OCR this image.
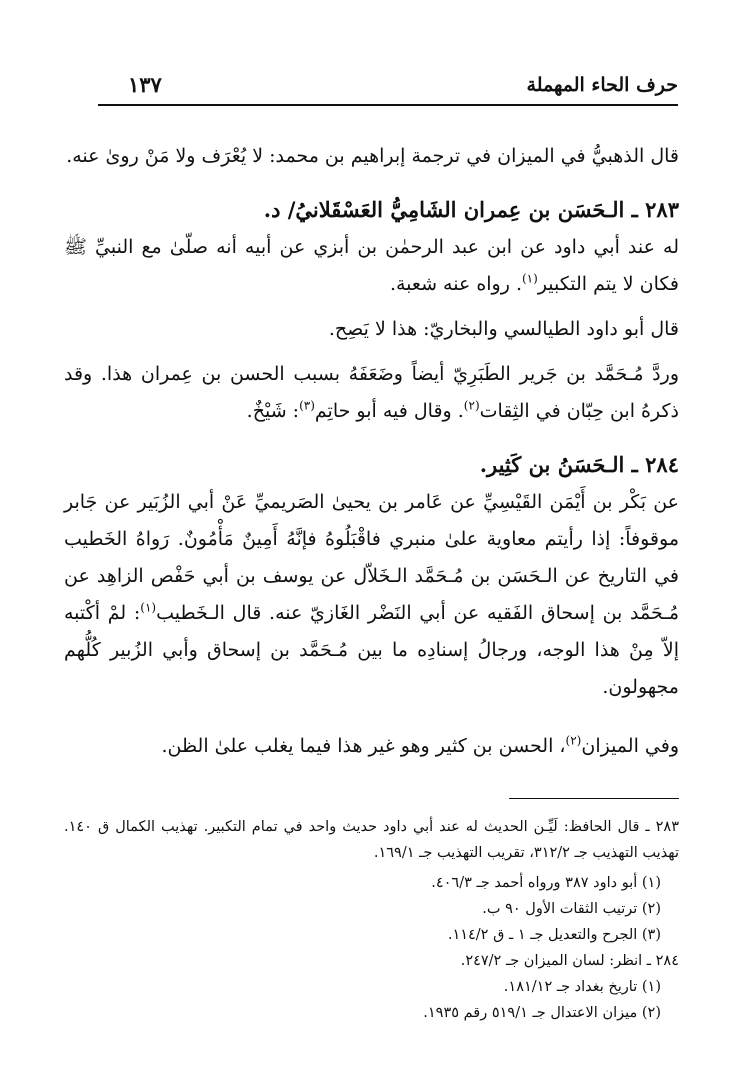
حرف الحاء المهملة
١٣٧

قال الذهبيُّ في الميزان في ترجمة إبراهيم بن محمد: لا يُعْرَف ولا مَنْ روىٰ عنه.

٢٨٣ ـ الـحَسَن بن عِمران الشَامِيُّ العَسْقَلانيُ/ د.

له عند أبي داود عن ابن عبد الرحمٰن بن أبزي عن أبيه أنه صلّىٰ مع النبيِّ ﷺ فكان لا يتم التكبير$^{(١)}$. رواه عنه شعبة.

قال أبو داود الطيالسي والبخاريّ: هذا لا يَصِح.

وردَّ مُـحَمَّد بن جَرير الطَبَرِيّ أيضاً وضَعَفَهُ بسبب الحسن بن عِمران هذا. وقد ذكرهُ ابن حِبّان في الثِقات$^{(٢)}$. وقال فيه أبو حاتِم$^{(٣)}$: شَيْخٌ.

٢٨٤ ـ الـحَسَنُ بن كَثِير.

عن بَكْر بن أَيْمَن القَيْسِيِّ عن عَامر بن يحيىٰ الصَريميِّ عَنْ أبي الزُبَير عن جَابر موقوفاً: إذا رأيتم معاوية علىٰ منبري فاقْبَلُوهُ فإنَّهُ أَمِينٌ مَأْمُونٌ. رَواهُ الخَطيب في التاريخ عن الـحَسَن بن مُـحَمَّد الـخَلاّل عن يوسف بن أبي حَفْص الزاهِد عن مُـحَمَّد بن إسحاق الفَقيه عن أبي النَضْر الغَازيّ عنه. قال الـخَطيب$^{(١)}$: لمْ أكْتبه إلاّ مِنْ هذا الوجه، ورجالُ إسنادِه ما بين مُـحَمَّد بن إسحاق وأبي الزُبير كُلُّهم مجهولون.

وفي الميزان$^{(٢)}$، الحسن بن كثير وهو غير هذا فيما يغلب علىٰ الظن.

٢٨٣ ـ قال الحافظ: لَيِّـن الحديث له عند أبي داود حديث واحد في تمام التكبير. تهذيب الكمال ق ١٤٠. تهذيب التهذيب جـ ٣١٢/٢، تقريب التهذيب جـ ١٦٩/١.

(١) أبو داود ٣٨٧ ورواه أحمد جـ ٤٠٦/٣.

(٢) ترتيب الثقات الأول ٩٠ ب.

(٣) الجرح والتعديل جـ ١ ـ ق ١١٤/٢.

٢٨٤ ـ انظر: لسان الميزان جـ ٢٤٧/٢.

(١) تاريخ بغداد جـ ١٨١/١٢.

(٢) ميزان الاعتدال جـ ٥١٩/١ رقم ١٩٣٥.
